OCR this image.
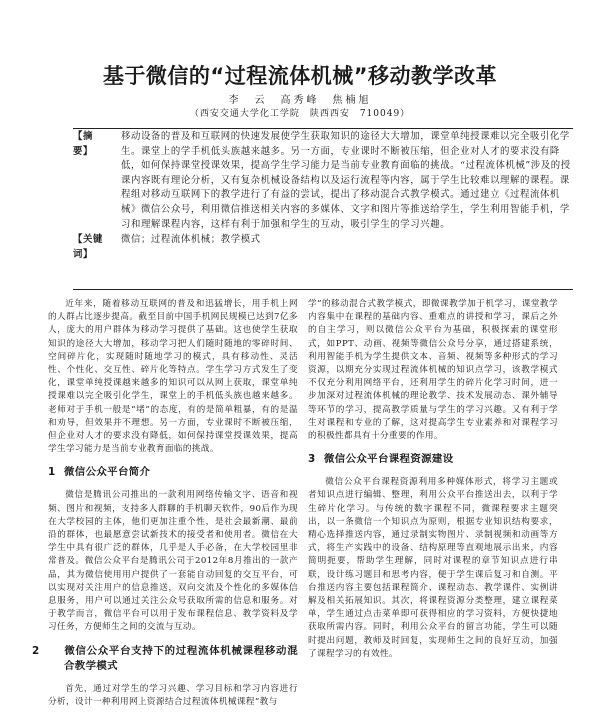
基于微信的“过程流体机械”移动教学改革
李　云　高秀峰　焦楠旭
（西安交通大学化工学院　陕西西安　710049）
【摘　要】
移动设备的普及和互联网的快速发展使学生获取知识的途径大大增加，课堂单纯授课难以完全吸引化学生。课堂上的学手机低头族越来越多。另一方面，专业课时不断被压缩，但企业对人才的要求没有降低，如何保持课堂授课效果，提高学生学习能力是当前专业教育面临的挑战。“过程流体机械”涉及的授课内容既有理论分析，又有复杂机械设备结构以及运行流程等内容，属于学生比较难以理解的课程。课程组对移动互联网下的教学进行了有益的尝试，提出了移动混合式教学模式。通过建立《过程流体机械》微信公众号，利用微信推送相关内容的多媒体、文字和图片等推送给学生，学生利用智能手机，学习和理解课程内容，这样有利于加强和学生的互动，吸引学生的学习兴趣。
【关键词】
微信；过程流体机械；教学模式

近年来，随着移动互联网的普及和迅猛增长，用手机上网的人群占比逐步提高。截至目前中国手机网民规模已达到7亿多人，庞大的用户群体为移动学习提供了基础。这也使学生获取知识的途径大大增加，移动学习把人们随时随地的零碎时间、空间碎片化，实现随时随地学习的模式，具有移动性、灵活性、个性化、交互性、碎片化等特点。学生学习方式发生了变化，课堂单纯授课越来越多的知识可以从网上获取，课堂单纯授课难以完全吸引化学生，课堂上的手机低头族也越来越多。老师对于手机一般是“堵”的态度，有的是简单粗暴，有的是温和劝导，但效果并不理想。另一方面，专业课时不断被压缩，但企业对人才的要求没有降低，如何保持课堂授课效果，提高学生学习能力是当前专业教育面临的挑战。

1 微信公众平台简介

微信是腾讯公司推出的一款利用网络传输文字、语音和视频、图片和视频，支持多人群聊的手机聊天软件，90后作为现在大学校园的主体，他们更加注重个性，是社会最新潮、最前沿的群体，也最愿意尝试新技术的接受者和使用者。微信在大学生中具有很广泛的群体，几乎是人手必备，在大学校园里非常普及。微信公众平台是腾讯公司于2012年8月推出的一款产品，其为微信使用用户提供了一套能自动回复的交互平台，可以实现对关注用户的信息推送，双向交流及个性化的多媒体信息服务，用户可以通过关注公众号获取所需的信息和服务。对于教学而言，微信平台可以用于发布课程信息、教学资料及学习任务，方便师生之间的交流与互动。

2 微信公众平台支持下的过程流体机械课程移动混合教学模式

首先，通过对学生的学习兴趣、学习目标和学习内容进行分析，设计一种利用网上资源结合过程流体机械课程“教与

学”的移动混合式教学模式，即微课教学加于机学习，课堂教学内容集中在课程的基础内容、重难点的讲授和学习，课后之外的自主学习，则以微信公众平台为基础，积极探索的课堂形式，如PPT、动画、视频等微信公众号分享，通过搭建系统，利用智能手机为学生提供文本、音频、视频等多种形式的学习资源，以期充分实现过程流体机械的知识点学习，该教学模式不仅充分利用网络平台，还利用学生的碎片化学习时间，进一步加深对过程流体机械的理论教学、技术发展动态、课外辅导等环节的学习，提高教学质量与学生的学习兴趣。又有利于学生对课程和专业的了解，这对提高学生专业素养和对课程学习的积极性都具有十分重要的作用。

3 微信公众平台课程资源建设

微信公众平台课程资源利用多种媒体形式，将学习主题或者知识点进行编辑、整理，利用公众平台推送出去，以利于学生碎片化学习。与传统的数字课程不同，微课程要求主题突出，以一条微信一个知识点为原则，根据专业知识结构要求，精心选择推送内容，通过录制实物图片、录制视频和动画等方式，将生产实践中的设备、结构原理等直观地展示出来，内容简明扼要，帮助学生理解，同时对课程的章节知识点进行串联，设计练习题目和思考内容，便于学生课后复习和自测。平台推送内容主要包括课程简介、课程动态、教学课件、实例讲解及相关拓展知识。其次，将课程资源分类整理，建立课程菜单，学生通过点击菜单即可获得相应的学习资料，方便快捷地获取所需内容。同时，利用公众平台的留言功能，学生可以随时提出问题，教师及时回复，实现师生之间的良好互动，加强了课程学习的有效性。
